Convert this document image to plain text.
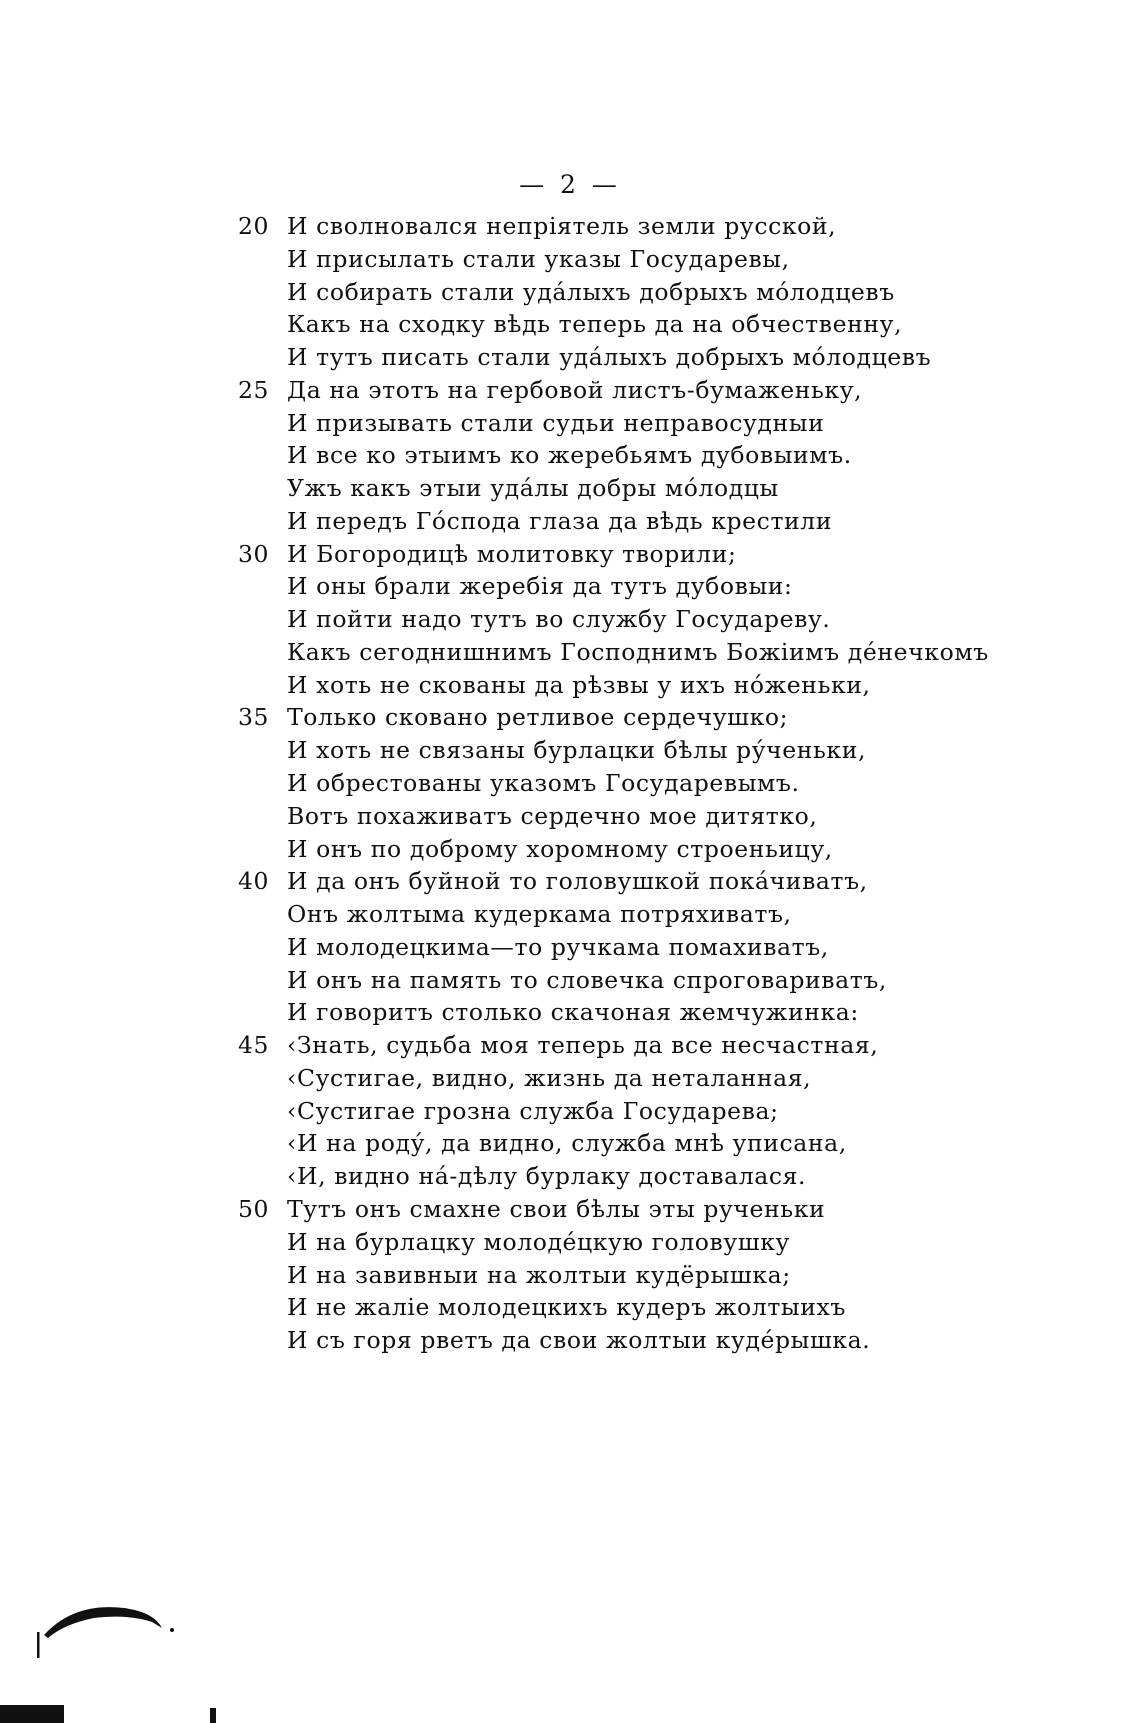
— 2 —
20 И сволновался непріятель земли русской,
И присылать стали указы Государевы,
И собирать стали уда́лыхъ добрыхъ мо́лодцевъ
Какъ на сходку вѣдь теперь да на обчественну,
И тутъ писать стали уда́лыхъ добрыхъ мо́лодцевъ
25 Да на этотъ на гербовой листъ-бумаженьку,
И призывать стали судьи неправосудныи
И все ко этыимъ ко жеребьямъ дубовыимъ.
Ужъ какъ этыи уда́лы добры мо́лодцы
И передъ Го́спода глаза да вѣдь крестили
30 И Богородицѣ молитовку творили;
И оны брали жеребія да тутъ дубовыи:
И пойти надо тутъ во службу Государеву.
Какъ сегоднишнимъ Господнимъ Божіимъ де́нечкомъ
И хоть не скованы да рѣзвы у ихъ но́женьки,
35 Только сковано ретливое сердечушко;
И хоть не связаны бурлацки бѣлы ру́ченьки,
И обрестованы указомъ Государевымъ.
Вотъ похаживатъ сердечно мое дитятко,
И онъ по доброму хоромному строеньицу,
40 И да онъ буйной то головушкой пока́чиватъ,
Онъ жолтыма кудеркама потряхиватъ,
И молодецкима—то ручкама помахиватъ,
И онъ на память то словечка спроговариватъ,
И говоритъ столько скачоная жемчужинка:
45 ‹Знать, судьба моя теперь да все несчастная,
‹Сустигае, видно, жизнь да неталанная,
‹Сустигае грозна служба Государева;
‹И на роду́, да видно, служба мнѣ уписана,
‹И, видно на́-дѣлу бурлаку доставалася.
50 Тутъ онъ смахне свои бѣлы эты рученьки
И на бурлацку молоде́цкую головушку
И на завивныи на жолтыи кудёрышка;
И не жаліе молодецкихъ кудеръ жолтыихъ
И съ горя рветъ да свои жолтыи куде́рышка.
